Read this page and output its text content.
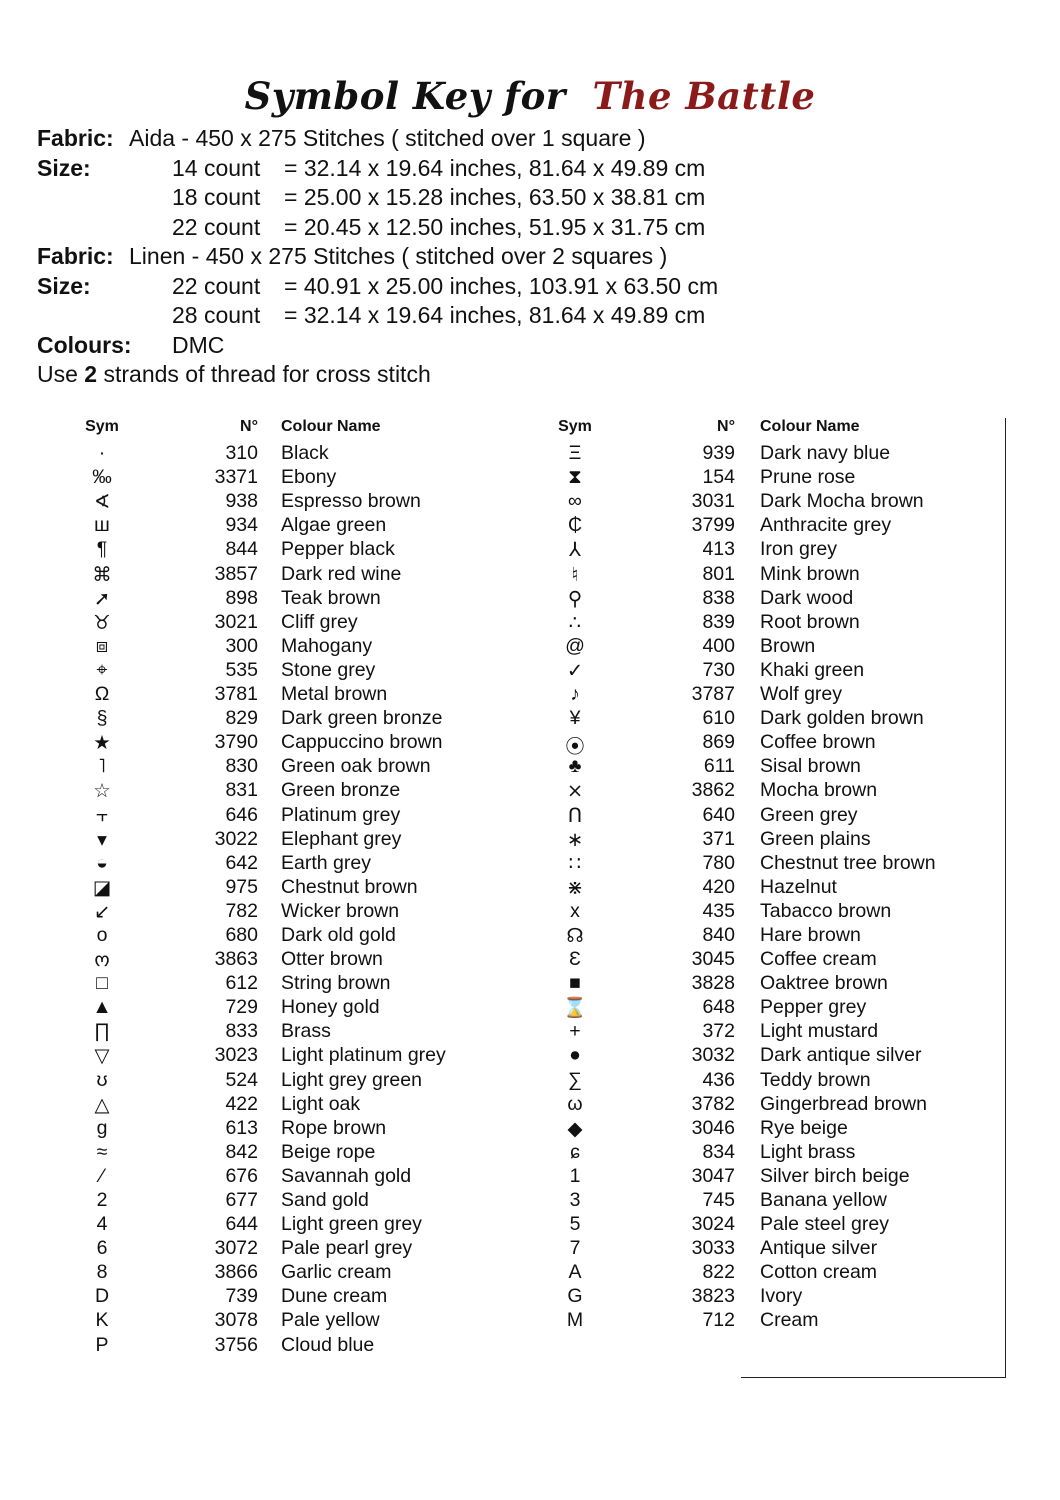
Symbol Key for The Battle
Fabric: Aida - 450 x 275 Stitches ( stitched over 1 square )
Size:	14 count = 32.14 x 19.64 inches, 81.64 x 49.89 cm
18 count = 25.00 x 15.28 inches, 63.50 x 38.81 cm
22 count = 20.45 x 12.50 inches, 51.95 x 31.75 cm
Fabric: Linen - 450 x 275 Stitches ( stitched over 2 squares )
Size:	22 count = 40.91 x 25.00 inches, 103.91 x 63.50 cm
28 count = 32.14 x 19.64 inches, 81.64 x 49.89 cm
Colours: DMC
Use 2 strands of thread for cross stitch
Sym	N° Colour Name
·	310 Black
‰	3371 Ebony
∢	938 Espresso brown
ш	934 Algae green
¶	844 Pepper black
⌘	3857 Dark red wine
➚	898 Teak brown
♉	3021 Cliff grey
⧈	300 Mahogany
⌖	535 Stone grey
Ω	3781 Metal brown
§	829 Dark green bronze
★	3790 Cappuccino brown
˥	830 Green oak brown
☆	831 Green bronze
⫟	646 Platinum grey
▾	3022 Elephant grey
◒	642 Earth grey
◪	975 Chestnut brown
↙	782 Wicker brown
o	680 Dark old gold
ო	3863 Otter brown
□	612 String brown
▲	729 Honey gold
∏	833 Brass
▽	3023 Light platinum grey
ʊ	524 Light grey green
△	422 Light oak
g	613 Rope brown
≈	842 Beige rope
⁄	676 Savannah gold
2	677 Sand gold
4	644 Light green grey
6	3072 Pale pearl grey
8	3866 Garlic cream
D	739 Dune cream
K	3078 Pale yellow
P	3756 Cloud blue
Sym	N° Colour Name
Ξ	939 Dark navy blue
⧗	154 Prune rose
∞	3031 Dark Mocha brown
₵	3799 Anthracite grey
⅄	413 Iron grey
♮	801 Mink brown
⚲	838 Dark wood
∴	839 Root brown
@	400 Brown
✓	730 Khaki green
♪	3787 Wolf grey
¥	610 Dark golden brown
⦿	869 Coffee brown
♣	611 Sisal brown
⨯	3862 Mocha brown
ᑎ	640 Green grey
∗	371 Green plains
∷	780 Chestnut tree brown
⋇	420 Hazelnut
x	435 Tabacco brown
☊	840 Hare brown
Ɛ	3045 Coffee cream
■	3828 Oaktree brown
⌛	648 Pepper grey
+	372 Light mustard
●	3032 Dark antique silver
∑	436 Teddy brown
ω	3782 Gingerbread brown
◆	3046 Rye beige
ɕ	834 Light brass
1	3047 Silver birch beige
3	745 Banana yellow
5	3024 Pale steel grey
7	3033 Antique silver
A	822 Cotton cream
G	3823 Ivory
M	712 Cream
